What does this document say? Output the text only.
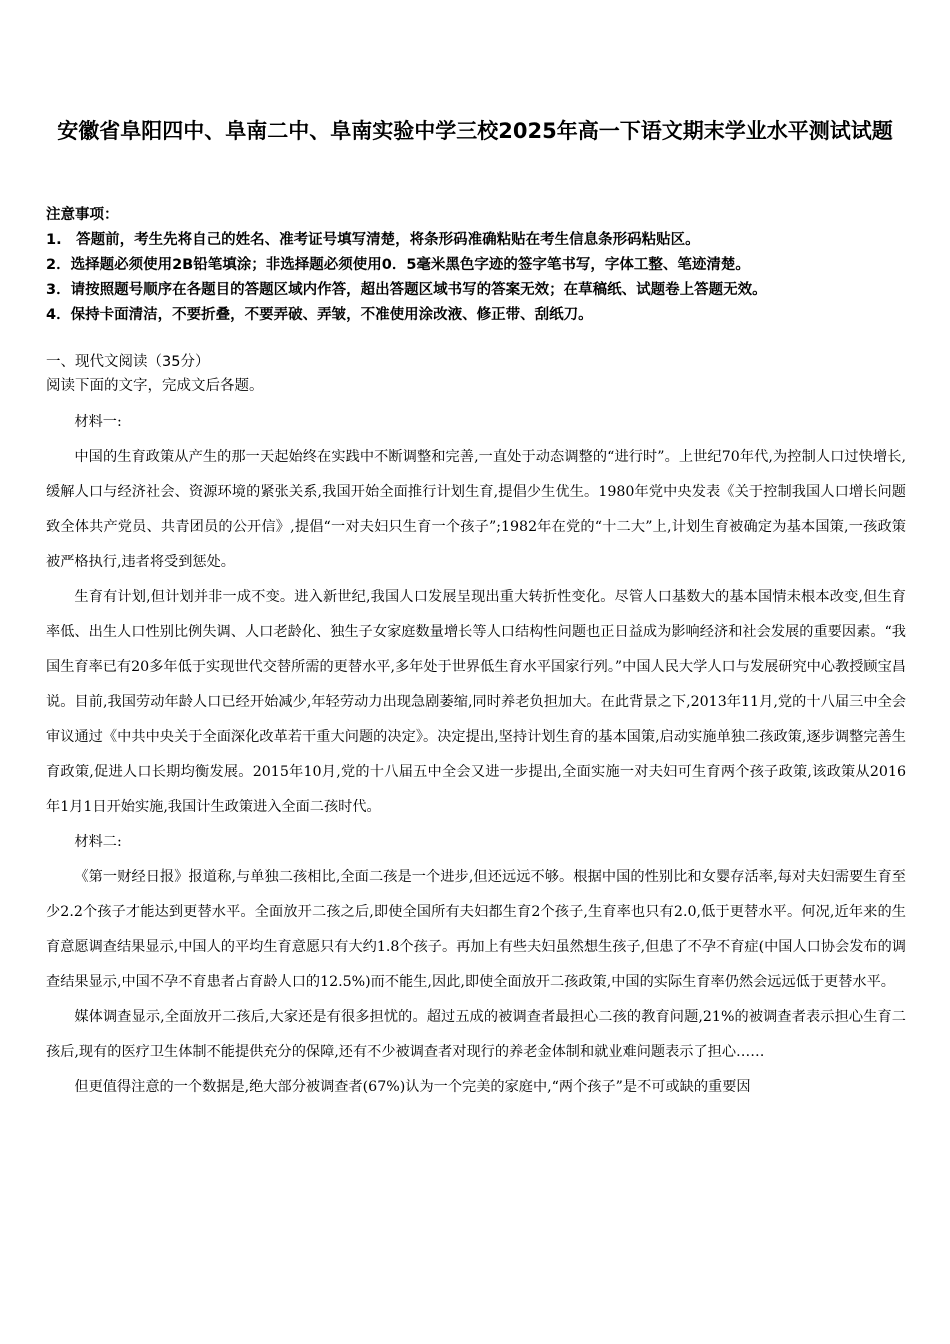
安徽省阜阳四中、阜南二中、阜南实验中学三校2025年高一下语文期末学业水平测试试题
注意事项：
1.　答题前，考生先将自己的姓名、准考证号填写清楚，将条形码准确粘贴在考生信息条形码粘贴区。
2．选择题必须使用2B铅笔填涂；非选择题必须使用0．5毫米黑色字迹的签字笔书写，字体工整、笔迹清楚。
3．请按照题号顺序在各题目的答题区域内作答，超出答题区域书写的答案无效；在草稿纸、试题卷上答题无效。
4．保持卡面清洁，不要折叠，不要弄破、弄皱，不准使用涂改液、修正带、刮纸刀。
一、现代文阅读（35分）
阅读下面的文字，完成文后各题。

材料一:

中国的生育政策从产生的那一天起始终在实践中不断调整和完善,一直处于动态调整的“进行时”。上世纪70年代,为控制人口过快增长,缓解人口与经济社会、资源环境的紧张关系,我国开始全面推行计划生育,提倡少生优生。1980年党中央发表《关于控制我国人口增长问题致全体共产党员、共青团员的公开信》,提倡“一对夫妇只生育一个孩子”;1982年在党的“十二大”上,计划生育被确定为基本国策,一孩政策被严格执行,违者将受到惩处。

生育有计划,但计划并非一成不变。进入新世纪,我国人口发展呈现出重大转折性变化。尽管人口基数大的基本国情未根本改变,但生育率低、出生人口性别比例失调、人口老龄化、独生子女家庭数量增长等人口结构性问题也正日益成为影响经济和社会发展的重要因素。“我国生育率已有20多年低于实现世代交替所需的更替水平,多年处于世界低生育水平国家行列。”中国人民大学人口与发展研究中心教授顾宝昌说。目前,我国劳动年龄人口已经开始减少,年轻劳动力出现急剧萎缩,同时养老负担加大。在此背景之下,2013年11月,党的十八届三中全会审议通过《中共中央关于全面深化改革若干重大问题的决定》。决定提出,坚持计划生育的基本国策,启动实施单独二孩政策,逐步调整完善生育政策,促进人口长期均衡发展。2015年10月,党的十八届五中全会又进一步提出,全面实施一对夫妇可生育两个孩子政策,该政策从2016年1月1日开始实施,我国计生政策进入全面二孩时代。

材料二:

《第一财经日报》报道称,与单独二孩相比,全面二孩是一个进步,但还远远不够。根据中国的性别比和女婴存活率,每对夫妇需要生育至少2.2个孩子才能达到更替水平。全面放开二孩之后,即使全国所有夫妇都生育2个孩子,生育率也只有2.0,低于更替水平。何况,近年来的生育意愿调查结果显示,中国人的平均生育意愿只有大约1.8个孩子。再加上有些夫妇虽然想生孩子,但患了不孕不育症(中国人口协会发布的调查结果显示,中国不孕不育患者占育龄人口的12.5%)而不能生,因此,即使全面放开二孩政策,中国的实际生育率仍然会远远低于更替水平。

媒体调查显示,全面放开二孩后,大家还是有很多担忧的。超过五成的被调查者最担心二孩的教育问题,21%的被调查者表示担心生育二孩后,现有的医疗卫生体制不能提供充分的保障,还有不少被调查者对现行的养老金体制和就业难问题表示了担心……

但更值得注意的一个数据是,绝大部分被调查者(67%)认为一个完美的家庭中,“两个孩子”是不可或缺的重要因
